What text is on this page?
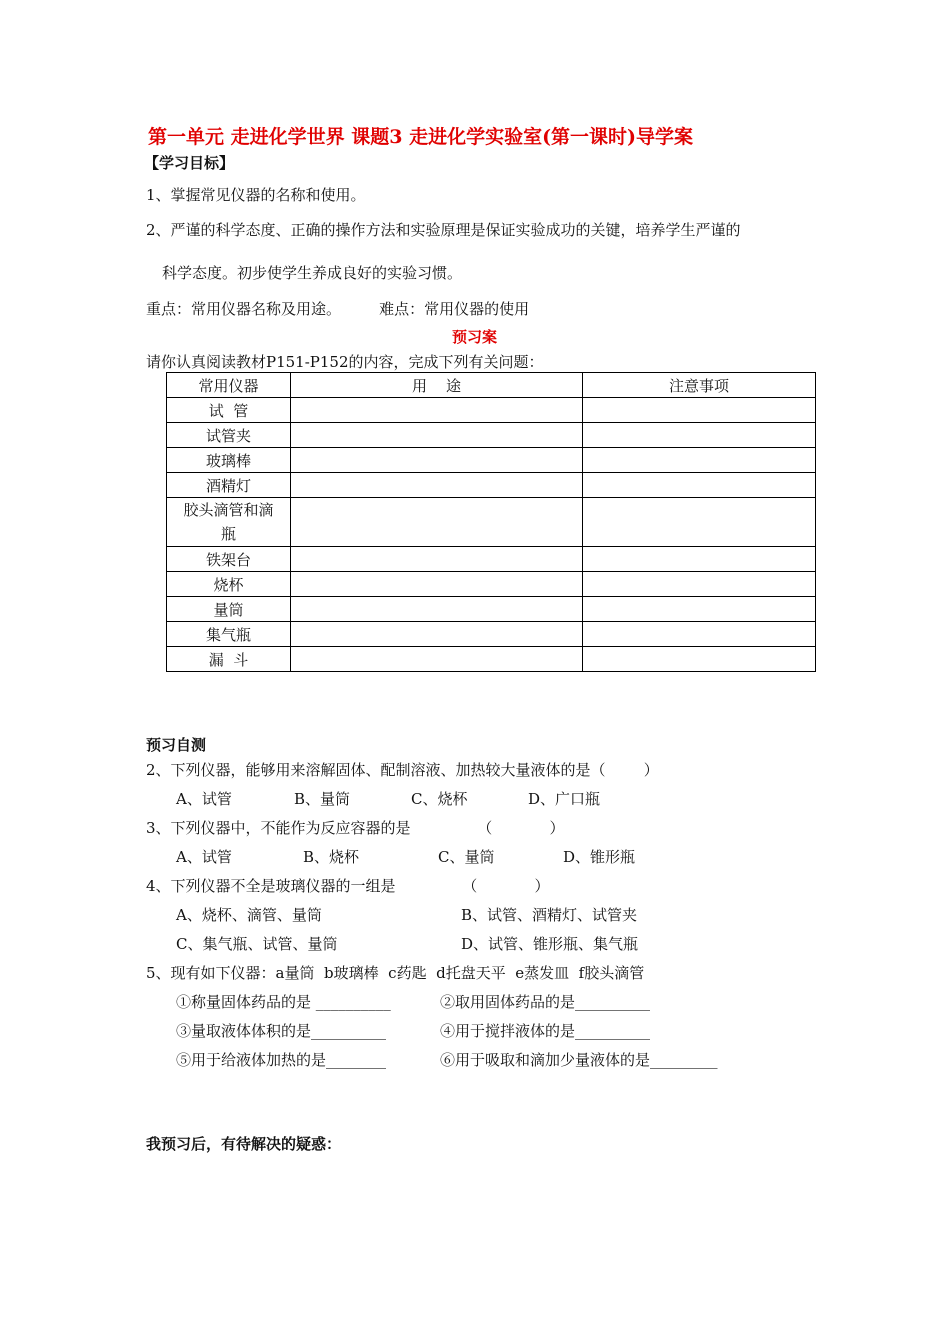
第一单元 走进化学世界 课题3 走进化学实验室(第一课时)导学案
【学习目标】
1、掌握常见仪器的名称和使用。
2、严谨的科学态度、正确的操作方法和实验原理是保证实验成功的关键，培养学生严谨的
科学态度。初步使学生养成良好的实验习惯。
重点：常用仪器名称及用途。        难点：常用仪器的使用
预习案
请你认真阅读教材P151-P152的内容，完成下列有关问题：
常用仪器	用    途	注意事项
试  管		
试管夹		
玻璃棒		
酒精灯		
胶头滴管和滴
瓶		
铁架台		
烧杯		
量筒		
集气瓶		
漏  斗		
预习自测
2、下列仪器，能够用来溶解固体、配制溶液、加热较大量液体的是（        ）
A、试管	B、量筒	C、烧杯	D、广口瓶
3、下列仪器中，不能作为反应容器的是              （            ）
A、试管	B、烧杯	C、量筒	D、锥形瓶
4、下列仪器不全是玻璃仪器的一组是              （            ）
A、烧杯、滴管、量筒	B、试管、酒精灯、试管夹
C、集气瓶、试管、量筒	D、试管、锥形瓶、集气瓶
5、现有如下仪器：a量筒  b玻璃棒  c药匙  d托盘天平  e蒸发皿  f胶头滴管
①称量固体药品的是 __________	②取用固体药品的是__________
③量取液体体积的是__________	④用于搅拌液体的是__________
⑤用于给液体加热的是________	⑥用于吸取和滴加少量液体的是_________
我预习后，有待解决的疑惑：
